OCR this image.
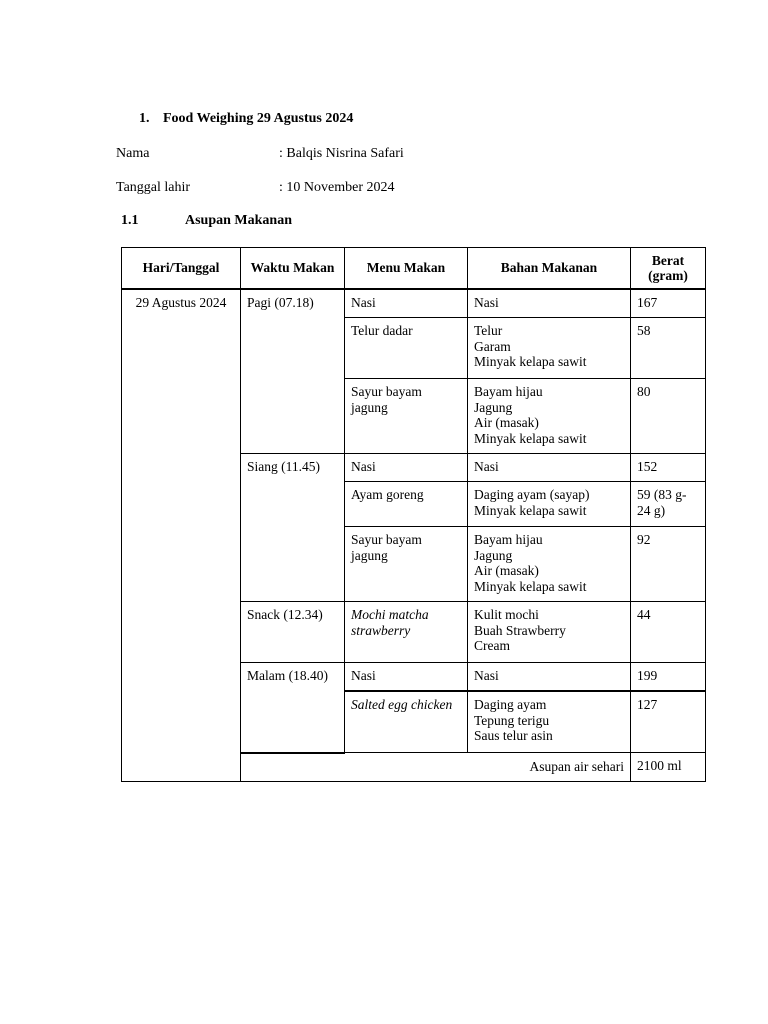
1. Food Weighing 29 Agustus 2024
Nama	: Balqis Nisrina Safari
Tanggal lahir	: 10 November 2024
1.1	Asupan Makanan
Hari/Tanggal	Waktu Makan	Menu Makan	Bahan Makanan	Berat (gram)
29 Agustus 2024	Pagi (07.18)	Nasi	Nasi	167
		Telur dadar	Telur
Garam
Minyak kelapa sawit	58
		Sayur bayam jagung	Bayam hijau
Jagung
Air (masak)
Minyak kelapa sawit	80
	Siang (11.45)	Nasi	Nasi	152
		Ayam goreng	Daging ayam (sayap)
Minyak kelapa sawit	59 (83 g-24 g)
		Sayur bayam jagung	Bayam hijau
Jagung
Air (masak)
Minyak kelapa sawit	92
	Snack (12.34)	Mochi matcha strawberry	Kulit mochi
Buah Strawberry
Cream	44
	Malam (18.40)	Nasi	Nasi	199
		Salted egg chicken	Daging ayam
Tepung terigu
Saus telur asin	127
	Asupan air sehari			2100 ml
